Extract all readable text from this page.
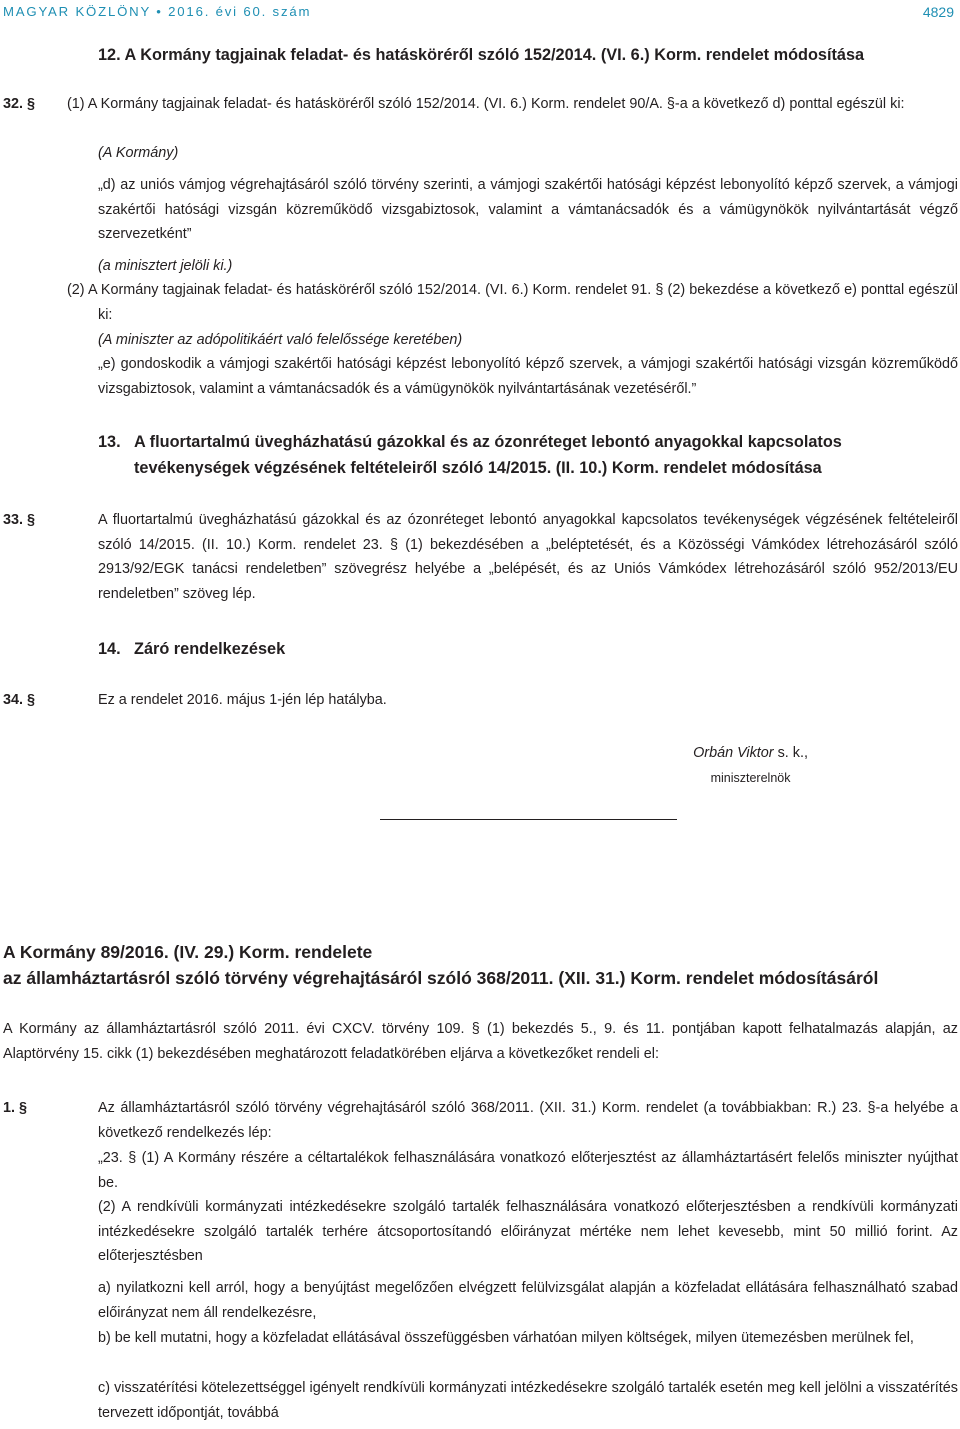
MAGYAR KÖZLÖNY • 2016. évi 60. szám	4829
12. A Kormány tagjainak feladat- és hatásköréről szóló 152/2014. (VI. 6.) Korm. rendelet módosítása
32. § (1) A Kormány tagjainak feladat- és hatásköréről szóló 152/2014. (VI. 6.) Korm. rendelet 90/A. §-a a következő d) ponttal egészül ki:
(A Kormány)
„d) az uniós vámjog végrehajtásáról szóló törvény szerinti, a vámjogi szakértői hatósági képzést lebonyolító képző szervek, a vámjogi szakértői hatósági vizsgán közreműködő vizsgabiztosok, valamint a vámtanácsadók és a vámügynökök nyilvántartását végző szervezetként”
(a minisztert jelöli ki.)
(2) A Kormány tagjainak feladat- és hatásköréről szóló 152/2014. (VI. 6.) Korm. rendelet 91. § (2) bekezdése a következő e) ponttal egészül ki:
(A miniszter az adópolitikáért való felelőssége keretében)
„e) gondoskodik a vámjogi szakértői hatósági képzést lebonyolító képző szervek, a vámjogi szakértői hatósági vizsgán közreműködő vizsgabiztosok, valamint a vámtanácsadók és a vámügynökök nyilvántartásának vezetéséről.”
13. A fluortartalmú üvegházhatású gázokkal és az ózonréteget lebontó anyagokkal kapcsolatos tevékenységek végzésének feltételeiről szóló 14/2015. (II. 10.) Korm. rendelet módosítása
33. §	A fluortartalmú üvegházhatású gázokkal és az ózonréteget lebontó anyagokkal kapcsolatos tevékenységek végzésének feltételeiről szóló 14/2015. (II. 10.) Korm. rendelet 23. § (1) bekezdésében a „beléptetését, és a Közösségi Vámkódex létrehozásáról szóló 2913/92/EGK tanácsi rendeletben” szövegrész helyébe a „belépését, és az Uniós Vámkódex létrehozásáról szóló 952/2013/EU rendeletben” szöveg lép.
14. Záró rendelkezések
34. §	Ez a rendelet 2016. május 1-jén lép hatályba.
Orbán Viktor s. k.,
miniszterelnök
A Kormány 89/2016. (IV. 29.) Korm. rendelete
az államháztartásról szóló törvény végrehajtásáról szóló 368/2011. (XII. 31.) Korm. rendelet módosításáról
A Kormány az államháztartásról szóló 2011. évi CXCV. törvény 109. § (1) bekezdés 5., 9. és 11. pontjában kapott felhatalmazás alapján, az Alaptörvény 15. cikk (1) bekezdésében meghatározott feladatkörében eljárva a következőket rendeli el:
1. §	Az államháztartásról szóló törvény végrehajtásáról szóló 368/2011. (XII. 31.) Korm. rendelet (a továbbiakban: R.) 23. §-a helyébe a következő rendelkezés lép:
„23. § (1) A Kormány részére a céltartalékok felhasználására vonatkozó előterjesztést az államháztartásért felelős miniszter nyújthat be.
(2) A rendkívüli kormányzati intézkedésekre szolgáló tartalék felhasználására vonatkozó előterjesztésben a rendkívüli kormányzati intézkedésekre szolgáló tartalék terhére átcsoportosítandó előirányzat mértéke nem lehet kevesebb, mint 50 millió forint. Az előterjesztésben
a) nyilatkozni kell arról, hogy a benyújtást megelőzően elvégzett felülvizsgálat alapján a közfeladat ellátására felhasználható szabad előirányzat nem áll rendelkezésre,
b) be kell mutatni, hogy a közfeladat ellátásával összefüggésben várhatóan milyen költségek, milyen ütemezésben merülnek fel,
c) visszatérítési kötelezettséggel igényelt rendkívüli kormányzati intézkedésekre szolgáló tartalék esetén meg kell jelölni a visszatérítés tervezett időpontját, továbbá
